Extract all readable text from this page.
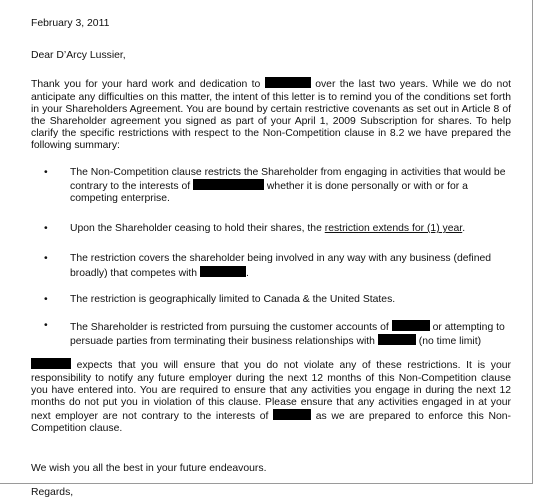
February 3, 2011

Dear D’Arcy Lussier,

Thank you for your hard work and dedication to	over the last two years. While we do not anticipate any difficulties on this matter, the intent of this letter is to remind you of the conditions set forth in your Shareholders Agreement. You are bound by certain restrictive covenants as set out in Article 8 of the Shareholder agreement you signed as part of your April 1, 2009 Subscription for shares. To help clarify the specific restrictions with respect to the Non-Competition clause in 8.2 we have prepared the following summary:

• The Non-Competition clause restricts the Shareholder from engaging in activities that would be contrary to the interests of	whether it is done personally or with or for a competing enterprise.
• Upon the Shareholder ceasing to hold their shares, the restriction extends for (1) year.
• The restriction covers the shareholder being involved in any way with any business (defined broadly) that competes with	.
• The restriction is geographically limited to Canada & the United States.
• The Shareholder is restricted from pursuing the customer accounts of	or attempting to persuade parties from terminating their business relationships with	(no time limit)

expects that you will ensure that you do not violate any of these restrictions. It is your responsibility to notify any future employer during the next 12 months of this Non-Competition clause you have entered into. You are required to ensure that any activities you engage in during the next 12 months do not put you in violation of this clause. Please ensure that any activities engaged in at your next employer are not contrary to the interests of	as we are prepared to enforce this Non-Competition clause.

We wish you all the best in your future endeavours.

Regards,
